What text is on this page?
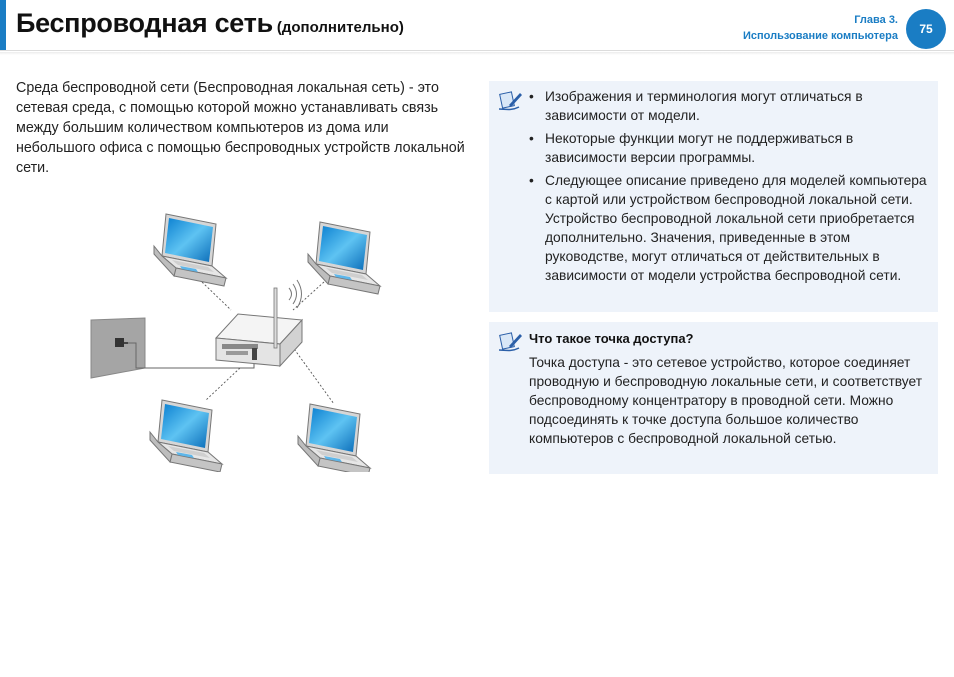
Беспроводная сеть (дополнительно)	Глава 3.
Использование компьютера	75
Среда беспроводной сети (Беспроводная локальная сеть) - это сетевая среда, с помощью которой можно устанавливать связь между большим количеством компьютеров из дома или небольшого офиса с помощью беспроводных устройств локальной сети.
• Изображения и терминология могут отличаться в зависимости от модели.
• Некоторые функции могут не поддерживаться в зависимости версии программы.
• Следующее описание приведено для моделей компьютера с картой или устройством беспроводной локальной сети. Устройство беспроводной локальной сети приобретается дополнительно. Значения, приведенные в этом руководстве, могут отличаться от действительных в зависимости от модели устройства беспроводной сети.
Что такое точка доступа?
Точка доступа - это сетевое устройство, которое соединяет проводную и беспроводную локальные сети, и соответствует беспроводному концентратору в проводной сети. Можно подсоединять к точке доступа большое количество компьютеров с беспроводной локальной сетью.
